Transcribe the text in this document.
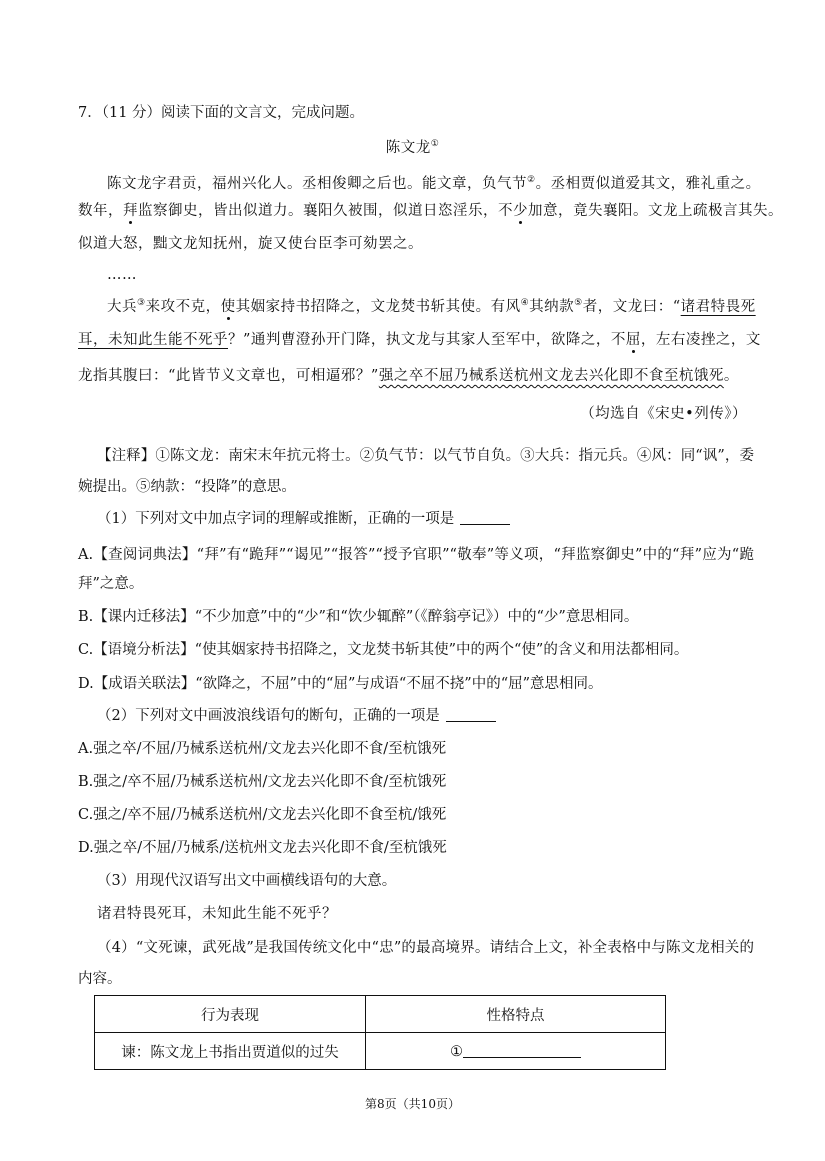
7．（11 分）阅读下面的文言文，完成问题。
陈文龙①
陈文龙字君贡，福州兴化人。丞相俊卿之后也。能文章，负气节②。丞相贾似道爱其文，雅礼重之。
数年，拜监察御史，皆出似道力。襄阳久被围，似道日恣淫乐，不少加意，竟失襄阳。文龙上疏极言其失。
似道大怒，黜文龙知抚州，旋又使台臣李可劾罢之。
……
大兵③来攻不克，使其姻家持书招降之，文龙焚书斩其使。有风④其纳款⑤者，文龙曰：“诸君特畏死
耳，未知此生能不死乎？”通判曹澄孙开门降，执文龙与其家人至军中，欲降之，不屈，左右凌挫之，文
龙指其腹曰：“此皆节义文章也，可相逼邪？”强之卒不屈乃械系送杭州文龙去兴化即不食至杭饿死。
（均选自《宋史•列传》）
【注释】①陈文龙：南宋末年抗元将士。②负气节：以气节自负。③大兵：指元兵。④风：同“讽”，委
婉提出。⑤纳款：“投降”的意思。
（1）下列对文中加点字词的理解或推断，正确的一项是
A.【查阅词典法】“拜”有“跪拜”“谒见”“报答”“授予官职”“敬奉”等义项，“拜监察御史”中的“拜”应为“跪
拜”之意。
B.【课内迁移法】“不少加意”中的“少”和“饮少辄醉”（《醉翁亭记》）中的“少”意思相同。
C.【语境分析法】“使其姻家持书招降之，文龙焚书斩其使”中的两个“使”的含义和用法都相同。
D.【成语关联法】“欲降之，不屈”中的“屈”与成语“不屈不挠”中的“屈”意思相同。
（2）下列对文中画波浪线语句的断句，正确的一项是
A.强之卒/不屈/乃械系送杭州/文龙去兴化即不食/至杭饿死
B.强之/卒不屈/乃械系送杭州/文龙去兴化即不食/至杭饿死
C.强之/卒不屈/乃械系送杭州/文龙去兴化即不食至杭/饿死
D.强之卒/不屈/乃械系/送杭州文龙去兴化即不食/至杭饿死
（3）用现代汉语写出文中画横线语句的大意。
诸君特畏死耳，未知此生能不死乎？
（4）“文死谏，武死战”是我国传统文化中“忠”的最高境界。请结合上文，补全表格中与陈文龙相关的
内容。
行为表现	性格特点
谏：陈文龙上书指出贾道似的过失	①
第8页（共10页）
